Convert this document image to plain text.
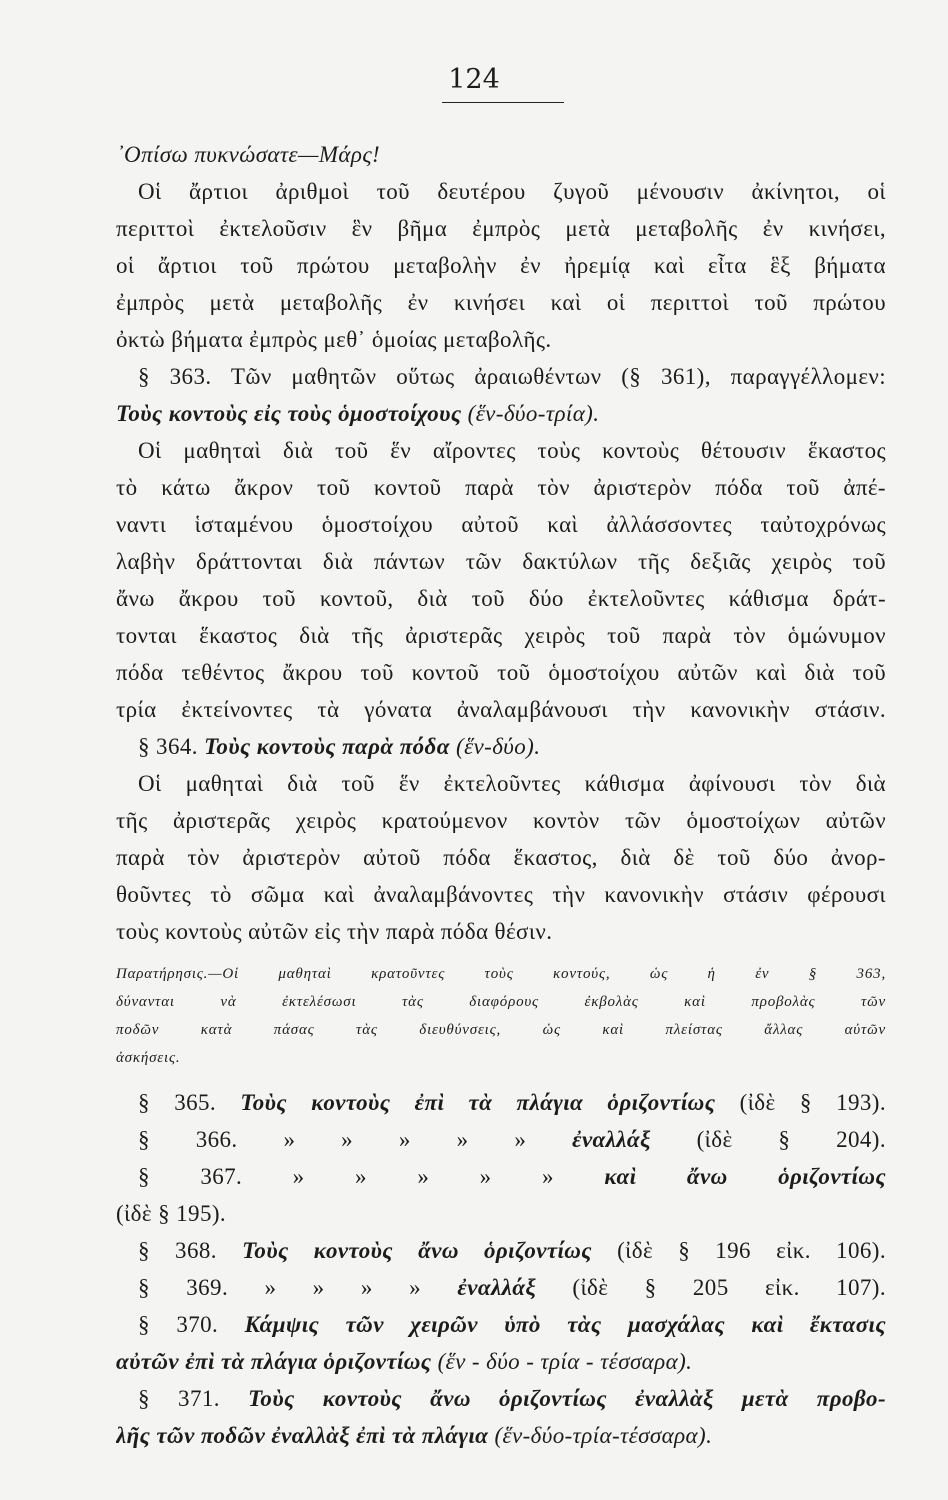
124
᾽Οπίσω πυκνώσατε—Μάρς!
Οἱ ἄρτιοι ἀριθμοὶ τοῦ δευτέρου ζυγοῦ μένουσιν ἀκίνητοι, οἱ
περιττοὶ ἐκτελοῦσιν ἓν βῆμα ἐμπρὸς μετὰ μεταβολῆς ἐν κινήσει,
οἱ ἄρτιοι τοῦ πρώτου μεταβολὴν ἐν ἠρεμίᾳ καὶ εἶτα ἓξ βήματα
ἐμπρὸς μετὰ μεταβολῆς ἐν κινήσει καὶ οἱ περιττοὶ τοῦ πρώτου
ὀκτὼ βήματα ἐμπρὸς μεθ᾽ ὁμοίας μεταβολῆς.
§ 363. Τῶν μαθητῶν οὕτως ἀραιωθέντων (§ 361), παραγγέλλομεν:
Τοὺς κοντοὺς εἰς τοὺς ὁμοστοίχους (ἕν-δύο-τρία).
Οἱ μαθηταὶ διὰ τοῦ ἕν αἴροντες τοὺς κοντοὺς θέτουσιν ἕκαστος
τὸ κάτω ἄκρον τοῦ κοντοῦ παρὰ τὸν ἀριστερὸν πόδα τοῦ ἀπέ-
ναντι ἱσταμένου ὁμοστοίχου αὐτοῦ καὶ ἀλλάσσοντες ταὐτοχρόνως
λαβὴν δράττονται διὰ πάντων τῶν δακτύλων τῆς δεξιᾶς χειρὸς τοῦ
ἄνω ἄκρου τοῦ κοντοῦ, διὰ τοῦ δύο ἐκτελοῦντες κάθισμα δράτ-
τονται ἕκαστος διὰ τῆς ἀριστερᾶς χειρὸς τοῦ παρὰ τὸν ὁμώνυμον
πόδα τεθέντος ἄκρου τοῦ κοντοῦ τοῦ ὁμοστοίχου αὐτῶν καὶ διὰ τοῦ
τρία ἐκτείνοντες τὰ γόνατα ἀναλαμβάνουσι τὴν κανονικὴν στάσιν.
§ 364. Τοὺς κοντοὺς παρὰ πόδα (ἕν-δύο).
Οἱ μαθηταὶ διὰ τοῦ ἕν ἐκτελοῦντες κάθισμα ἀφίνουσι τὸν διὰ
τῆς ἀριστερᾶς χειρὸς κρατούμενον κοντὸν τῶν ὁμοστοίχων αὐτῶν
παρὰ τὸν ἀριστερὸν αὐτοῦ πόδα ἕκαστος, διὰ δὲ τοῦ δύο ἀνορ-
θοῦντες τὸ σῶμα καὶ ἀναλαμβάνοντες τὴν κανονικὴν στάσιν φέρουσι
τοὺς κοντοὺς αὐτῶν εἰς τὴν παρὰ πόδα θέσιν.
Παρατήρησις.—Οἱ μαθηταὶ κρατοῦντες τοὺς κοντούς, ὡς ἡ ἐν § 363,
δύνανται νὰ ἐκτελέσωσι τὰς διαφόρους ἐκβολὰς καὶ προβολὰς τῶν
ποδῶν κατὰ πάσας τὰς διευθύνσεις, ὡς καὶ πλείστας ἄλλας αὐτῶν
ἀσκήσεις.
§ 365. Τοὺς κοντοὺς ἐπὶ τὰ πλάγια ὁριζοντίως (ἰδὲ § 193).
§ 366. » » » » » ἐναλλάξ (ἰδὲ § 204).
§ 367. » » » » » καὶ ἄνω ὁριζοντίως
(ἰδὲ § 195).
§ 368. Τοὺς κοντοὺς ἄνω ὁριζοντίως (ἰδὲ § 196 εἰκ. 106).
§ 369. » » » » ἐναλλάξ (ἰδὲ § 205 εἰκ. 107).
§ 370. Κάμψις τῶν χειρῶν ὑπὸ τὰς μασχάλας καὶ ἔκτασις
αὐτῶν ἐπὶ τὰ πλάγια ὁριζοντίως (ἕν - δύο - τρία - τέσσαρα).
§ 371. Τοὺς κοντοὺς ἄνω ὁριζοντίως ἐναλλὰξ μετὰ προβο-
λῆς τῶν ποδῶν ἐναλλὰξ ἐπὶ τὰ πλάγια (ἕν-δύο-τρία-τέσσαρα).
